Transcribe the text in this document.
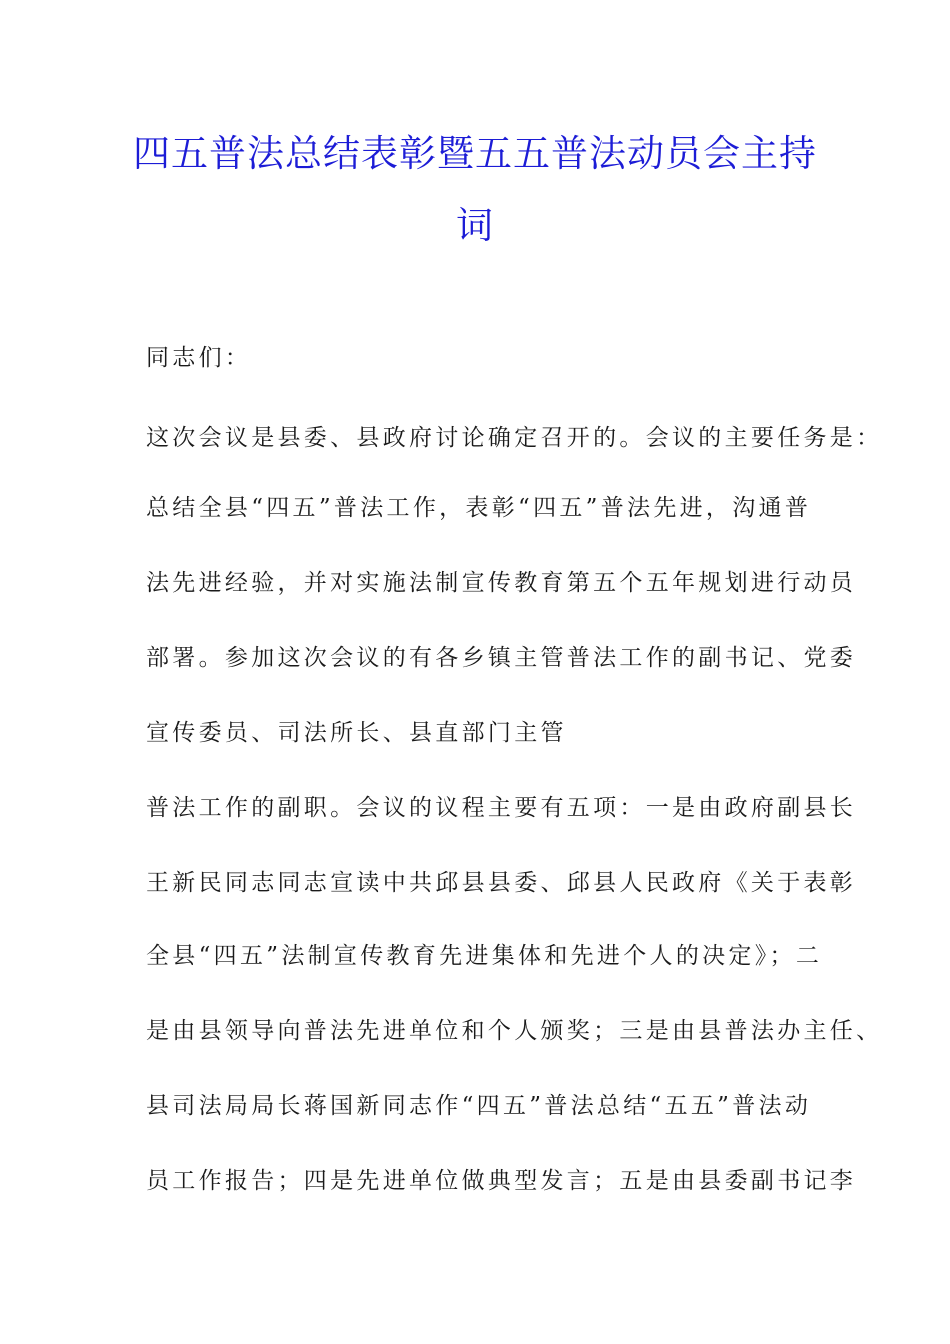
四五普法总结表彰暨五五普法动员会主持
词
同志们：
这次会议是县委、县政府讨论确定召开的。会议的主要任务是：
总结全县“四五”普法工作，表彰“四五”普法先进，沟通普
法先进经验，并对实施法制宣传教育第五个五年规划进行动员
部署。参加这次会议的有各乡镇主管普法工作的副书记、党委
宣传委员、司法所长、县直部门主管
普法工作的副职。会议的议程主要有五项：一是由政府副县长
王新民同志同志宣读中共邱县县委、邱县人民政府《关于表彰
全县“四五”法制宣传教育先进集体和先进个人的决定》；二
是由县领导向普法先进单位和个人颁奖；三是由县普法办主任、
县司法局局长蒋国新同志作“四五”普法总结“五五”普法动
员工作报告；四是先进单位做典型发言；五是由县委副书记李
